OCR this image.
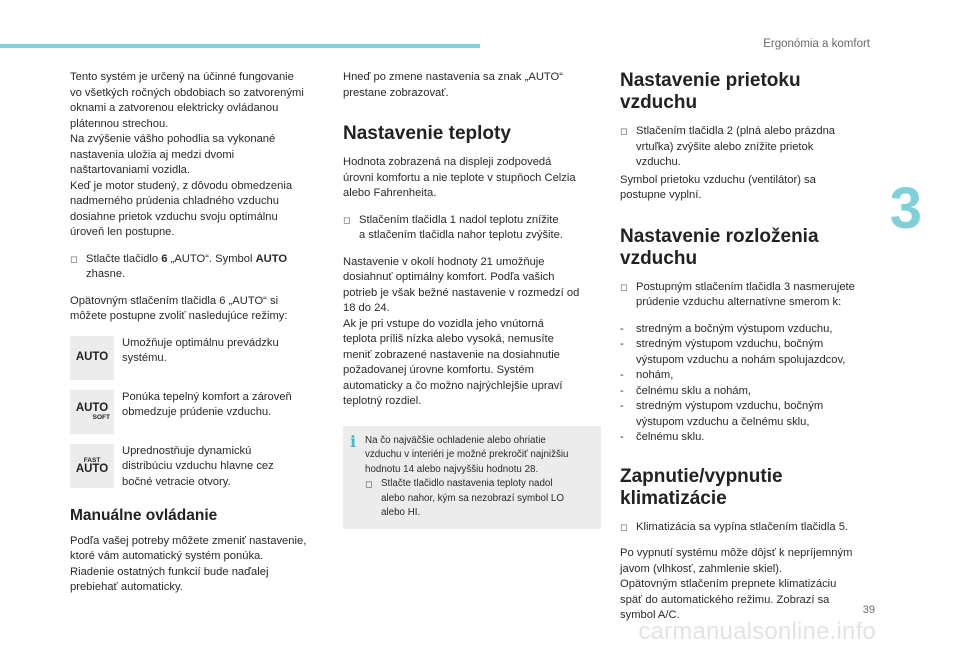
Ergonómia a komfort
3
39
carmanualsonline.info

Tento systém je určený na účinné fungovanie
vo všetkých ročných obdobiach so zatvorenými
oknami a zatvorenou elektricky ovládanou
plátennou strechou.
Na zvýšenie vášho pohodlia sa vykonané
nastavenia uložia aj medzi dvomi
naštartovaniami vozidla.
Keď je motor studený, z dôvodu obmedzenia
nadmerného prúdenia chladného vzduchu
dosiahne prietok vzduchu svoju optimálnu
úroveň len postupne.

◻ Stlačte tlačidlo 6 „AUTO“. Symbol AUTO
zhasne.

Opätovným stlačením tlačidla 6 „AUTO“ si
môžete postupne zvoliť nasledujúce režimy:

AUTO
Umožňuje optimálnu prevádzku
systému.
AUTO
SOFT
Ponúka tepelný komfort a zároveň
obmedzuje prúdenie vzduchu.
FAST
AUTO
Uprednostňuje dynamickú
distribúciu vzduchu hlavne cez
bočné vetracie otvory.
Manuálne ovládanie

Podľa vašej potreby môžete zmeniť nastavenie,
ktoré vám automatický systém ponúka.
Riadenie ostatných funkcií bude naďalej
prebiehať automaticky.

Hneď po zmene nastavenia sa znak „AUTO“
prestane zobrazovať.

Nastavenie teploty

Hodnota zobrazená na displeji zodpovedá
úrovni komfortu a nie teplote v stupňoch Celzia
alebo Fahrenheita.

◻ Stlačením tlačidla 1 nadol teplotu znížite
a stlačením tlačidla nahor teplotu zvýšite.

Nastavenie v okolí hodnoty 21 umožňuje
dosiahnuť optimálny komfort. Podľa vašich
potrieb je však bežné nastavenie v rozmedzí od
18 do 24.
Ak je pri vstupe do vozidla jeho vnútorná
teplota príliš nízka alebo vysoká, nemusíte
meniť zobrazené nastavenie na dosiahnutie
požadovanej úrovne komfortu. Systém
automaticky a čo možno najrýchlejšie upraví
teplotný rozdiel.

i Na čo najväčšie ochladenie alebo ohriatie
vzduchu v interiéri je možné prekročiť najnižšiu
hodnotu 14 alebo najvyššiu hodnotu 28.
◻ Stlačte tlačidlo nastavenia teploty nadol
alebo nahor, kým sa nezobrazí symbol LO
alebo HI.
Nastavenie prietoku vzduchu
◻ Stlačením tlačidla 2 (plná alebo prázdna
vrtuľka) zvýšite alebo znížite prietok
vzduchu.

Symbol prietoku vzduchu (ventilátor) sa
postupne vyplní.

Nastavenie rozloženia
vzduchu
◻ Postupným stlačením tlačidla 3 nasmerujete
prúdenie vzduchu alternatívne smerom k:
- stredným a bočným výstupom vzduchu,
- stredným výstupom vzduchu, bočným
výstupom vzduchu a nohám spolujazdcov,
- nohám,
- čelnému sklu a nohám,
- stredným výstupom vzduchu, bočným
výstupom vzduchu a čelnému sklu,
- čelnému sklu.
Zapnutie/vypnutie
klimatizácie
◻ Klimatizácia sa vypína stlačením tlačidla 5.

Po vypnutí systému môže dôjsť k nepríjemným
javom (vlhkosť, zahmlenie skiel).
Opätovným stlačením prepnete klimatizáciu
späť do automatického režimu. Zobrazí sa
symbol A/C.
